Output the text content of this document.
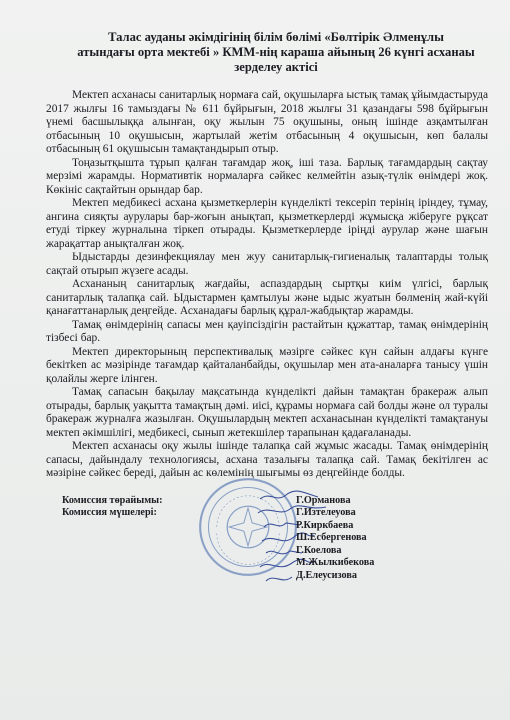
Талас ауданы әкімдігінің білім бөлімі «Бөлтірік Әлменұлы
атындағы орта мектебі » КММ-нің караша айының 26 күнгі асханаы
зерделеу актісі

Мектеп асханасы санитарлық нормаға сай, оқушыларға ыстық тамақ ұйымдастыруда 2017 жылғы 16 тамыздағы № 611 бұйрығын, 2018 жылғы 31 қазандағы 598 бұйрығын үнемі басшылыққа алынған, оқу жылын 75 оқушыны, оның ішінде азқамтылған отбасының 10 оқушысын, жартылай жетім отбасының 4 оқушысын, көп балалы отбасының 61 оқушысын тамақтандырып отыр.

Тоңазытқышта тұрып қалған тағамдар жоқ, іші таза. Барлық тағамдардың сақтау мерзімі жарамды. Нормативтік нормаларға сәйкес келмейтін азық-түлік өнімдері жоқ. Көкініс сақтайтын орындар бар.

Мектеп медбикесі асхана қызметкерлерін күнделікті тексеріп терінің іріндеу, тұмау, ангина сияқты аурулары бар-жоғын анықтап, қызметкерлерді жұмысқа жіберуге рұқсат етуді тіркеу журналына тіркеп отырады. Қызметкерлерде іріңді аурулар және шағын жарақаттар анықталған жоқ.

Ыдыстарды дезинфекциялау мен жуу санитарлық-гигиеналық талаптарды толық сақтай отырып жүзеге асады.

Асхананың санитарлық жағдайы, аспаздардың сыртқы киім үлгісі, барлық санитарлық талапқа сай. Ыдыстармен қамтылуы және ыдыс жуатын бөлменің жай-күйі қанағаттанарлық деңгейде. Асханадағы барлық құрал-жабдықтар жарамды.

Тамақ өнімдерінің сапасы мен қауіпсіздігін растайтын құжаттар, тамақ өнімдерінің тізбесі бар.

Мектеп директорының перспективалық мәзірге сәйкес күн сайын алдағы күнге бекітken ас мәзірінде тағамдар қайталанбайды, оқушылар мен ата-аналарға танысу үшін қолайлы жерге ілінген.

Тамақ сапасын бақылау мақсатында күнделікті дайын тамақтан бракераж алып отырады, барлық уақытта тамақтың дәмі. иісі, құрамы нормаға сай болды және ол туралы бракераж журналға жазылған. Оқушылардың мектеп асханасынан күнделікті тамақтануы мектеп әкімшілігі, медбикесі, сынып жетекшілер тарапынан қадағаланады.

Мектеп асханасы оқу жылы ішінде талапқа сай жұмыс жасады. Тамақ өнімдерінің сапасы, дайындалу технологиясы, асхана тазалығы талапқа сай. Тамақ бекітілген ас мәзіріне сәйкес береді, дайын ас көлемінің шығымы өз деңгейінде болды.

Комиссия төрайымы:
Комиссия мүшелері:
Г.Орманова
Г.Изтелеуова
Р.Киркбаева
Ш.Есбергенова
Г.Коелова
М.Жылкибекова
Д.Елеусизова
